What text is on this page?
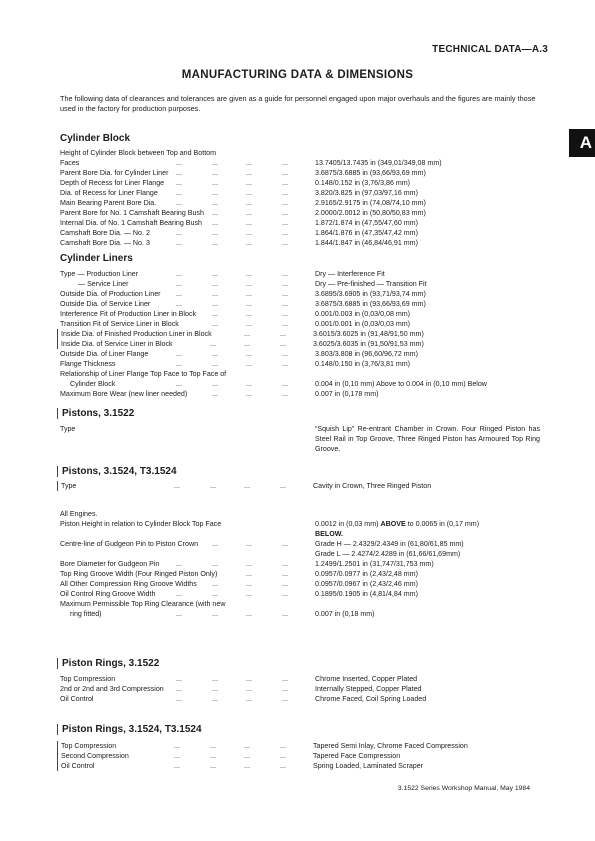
TECHNICAL DATA—A.3
A
MANUFACTURING DATA & DIMENSIONS
The following data of clearances and tolerances are given as a guide for personnel engaged upon major overhauls and the figures are mainly those used in the factory for production purposes.
Cylinder Block
Height of Cylinder Block between Top and Bottom
Faces	13.7405/13.7435 in (349,01/349,08 mm)
...	...	...	...
Parent Bore Dia. for Cylinder Liner	3.6875/3.6885 in (93,66/93,69 mm)
...	...	...	...
Depth of Recess for Liner Flange	0.148/0.152 in (3,76/3,86 mm)
...	...	...	...
Dia. of Recess for Liner Flange	3.820/3.825 in (97,03/97,16 mm)
...	...	...	...
Main Bearing Parent Bore Dia.	2.9165/2.9175 in (74,08/74,10 mm)
...	...	...	...
Parent Bore for No. 1 Camshaft Bearing Bush	2.0000/2.0012 in (50,80/50,83 mm)
...	...	...
Internal Dia. of No. 1 Camshaft Bearing Bush	1.872/1.874 in (47,55/47,60 mm)
...	...	...
Camshaft Bore Dia. — No. 2	1.864/1.876 in (47,35/47,42 mm)
...	...	...	...
Camshaft Bore Dia. — No. 3	1.844/1.847 in (46,84/46,91 mm)
...	...	...	...
Cylinder Liners
Type — Production Liner	Dry — Interference Fit
...	...	...	...
— Service Liner	Dry — Pre-finished — Transition Fit
...	...	...	...
Outside Dia. of Production Liner	3.6895/3.6905 in (93,71/93,74 mm)
...	...	...	...
Outside Dia. of Service Liner	3.6875/3.6885 in (93,66/93,69 mm)
...	...	...	...
Interference Fit of Production Liner in Block	0.001/0.003 in (0,03/0,08 mm)
...	...	...
Transition Fit of Service Liner in Block	0.001/0.001 in (0,03/0,03 mm)
...	...	...
Inside Dia. of Finished Production Liner in Block	3.6015/3.6025 in (91,48/91,50 mm)
...	...
Inside Dia. of Service Liner in Block	3.6025/3.6035 in (91,50/91,53 mm)
...	...	...
Outside Dia. of Liner Flange	3.803/3.808 in (96,60/96,72 mm)
...	...	...	...
Flange Thickness	0.148/0.150 in (3,76/3,81 mm)
...	...	...	...
Relationship of Liner Flange Top Face to Top Face of
Cylinder Block	0.004 in (0,10 mm) Above to 0.004 in (0,10 mm) Below
...	...	...	...
Maximum Bore Wear (new liner needed)	0.007 in (0,178 mm)
...	...	...
Pistons, 3.1522
Type	“Squish Lip” Re-entrant Chamber in Crown. Four Ringed Piston has Steel Rail in Top Groove, Three Ringed Piston has Armoured Top Ring Groove.
Pistons, 3.1524, T3.1524
Type	Cavity in Crown, Three Ringed Piston
...	...	...	...
All Engines.
Piston Height in relation to Cylinder Block Top Face	0.0012 in (0,03 mm) ABOVE to 0.0065 in (0,17 mm)
BELOW.
Centre-line of Gudgeon Pin to Piston Crown	Grade H — 2.4329/2.4349 in (61,80/61,85 mm)
...	...	...
Grade L — 2.4274/2.4289 in (61,66/61,69mm)
Bore Diameter for Gudgeon Pin	1.2499/1.2501 in (31,747/31,753 mm)
...	...	...	...
Top Ring Groove Width (Four Ringed Piston Only)	0.0957/0.0977 in (2,43/2,48 mm)
...	...
All Other Compression Ring Groove Widths	0.0957/0.0967 in (2,43/2,46 mm)
...	...	...
Oil Control Ring Groove Width	0.1895/0.1905 in (4,81/4,84 mm)
...	...	...	...
Maximum Permissible Top Ring Clearance (with new
ring fitted)	0.007 in (0,18 mm)
...	...	...	...
Piston Rings, 3.1522
Top Compression	Chrome Inserted, Copper Plated
...	...	...	...
2nd or 2nd and 3rd Compression	Internally Stepped, Copper Plated
...	...	...	...
Oil Control	Chrome Faced, Coil Spring Loaded
...	...	...	...
Piston Rings, 3.1524, T3.1524
Top Compression	Tapered Semi Inlay, Chrome Faced Compression
...	...	...	...
Second Compression	Tapered Face Compression
...	...	...	...
Oil Control	Spring Loaded, Laminated Scraper
...	...	...	...
3.1522 Series Workshop Manual, May 1984
